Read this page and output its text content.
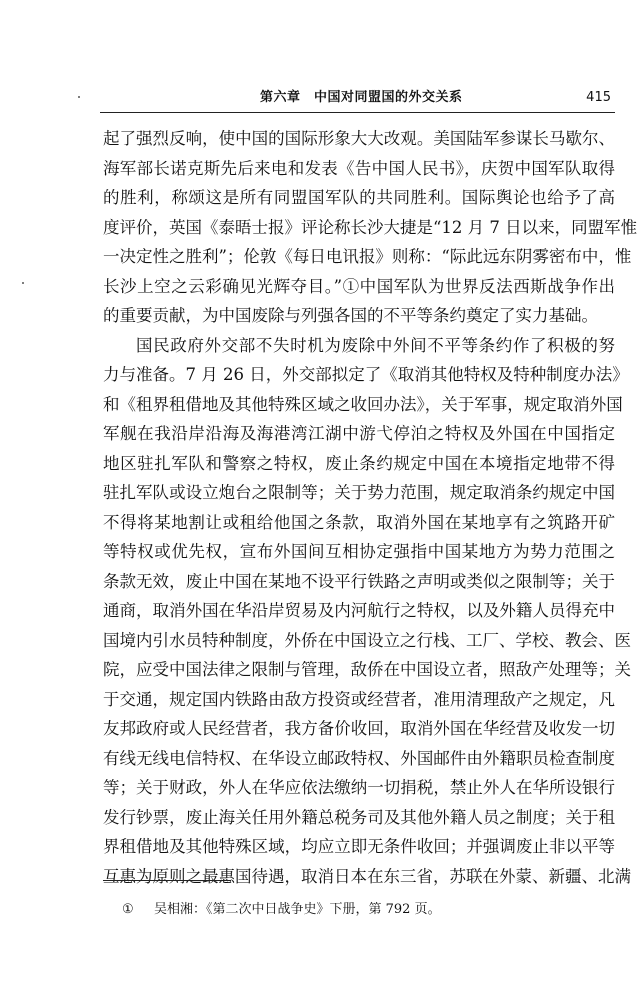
第六章　中国对同盟国的外交关系	415
起了强烈反响，使中国的国际形象大大改观。美国陆军参谋长马歇尔、
海军部长诺克斯先后来电和发表《告中国人民书》，庆贺中国军队取得
的胜利，称颂这是所有同盟国军队的共同胜利。国际舆论也给予了高
度评价，英国《泰晤士报》评论称长沙大捷是“12 月 7 日以来，同盟军惟
一决定性之胜利”；伦敦《每日电讯报》则称：“际此远东阴雾密布中，惟
长沙上空之云彩确见光辉夺目。”①中国军队为世界反法西斯战争作出
的重要贡献，为中国废除与列强各国的不平等条约奠定了实力基础。
国民政府外交部不失时机为废除中外间不平等条约作了积极的努
力与准备。7 月 26 日，外交部拟定了《取消其他特权及特种制度办法》
和《租界租借地及其他特殊区域之收回办法》，关于军事，规定取消外国
军舰在我沿岸沿海及海港湾江湖中游弋停泊之特权及外国在中国指定
地区驻扎军队和警察之特权，废止条约规定中国在本境指定地带不得
驻扎军队或设立炮台之限制等；关于势力范围，规定取消条约规定中国
不得将某地割让或租给他国之条款，取消外国在某地享有之筑路开矿
等特权或优先权，宣布外国间互相协定强指中国某地方为势力范围之
条款无效，废止中国在某地不设平行铁路之声明或类似之限制等；关于
通商，取消外国在华沿岸贸易及内河航行之特权，以及外籍人员得充中
国境内引水员特种制度，外侨在中国设立之行栈、工厂、学校、教会、医
院，应受中国法律之限制与管理，敌侨在中国设立者，照敌产处理等；关
于交通，规定国内铁路由敌方投资或经营者，准用清理敌产之规定，凡
友邦政府或人民经营者，我方备价收回，取消外国在华经营及收发一切
有线无线电信特权、在华设立邮政特权、外国邮件由外籍职员检查制度
等；关于财政，外人在华应依法缴纳一切捐税，禁止外人在华所设银行
发行钞票，废止海关任用外籍总税务司及其他外籍人员之制度；关于租
界租借地及其他特殊区域，均应立即无条件收回；并强调废止非以平等
互惠为原则之最惠国待遇，取消日本在东三省，苏联在外蒙、新疆、北满
① 吴相湘：《第二次中日战争史》下册，第 792 页。
